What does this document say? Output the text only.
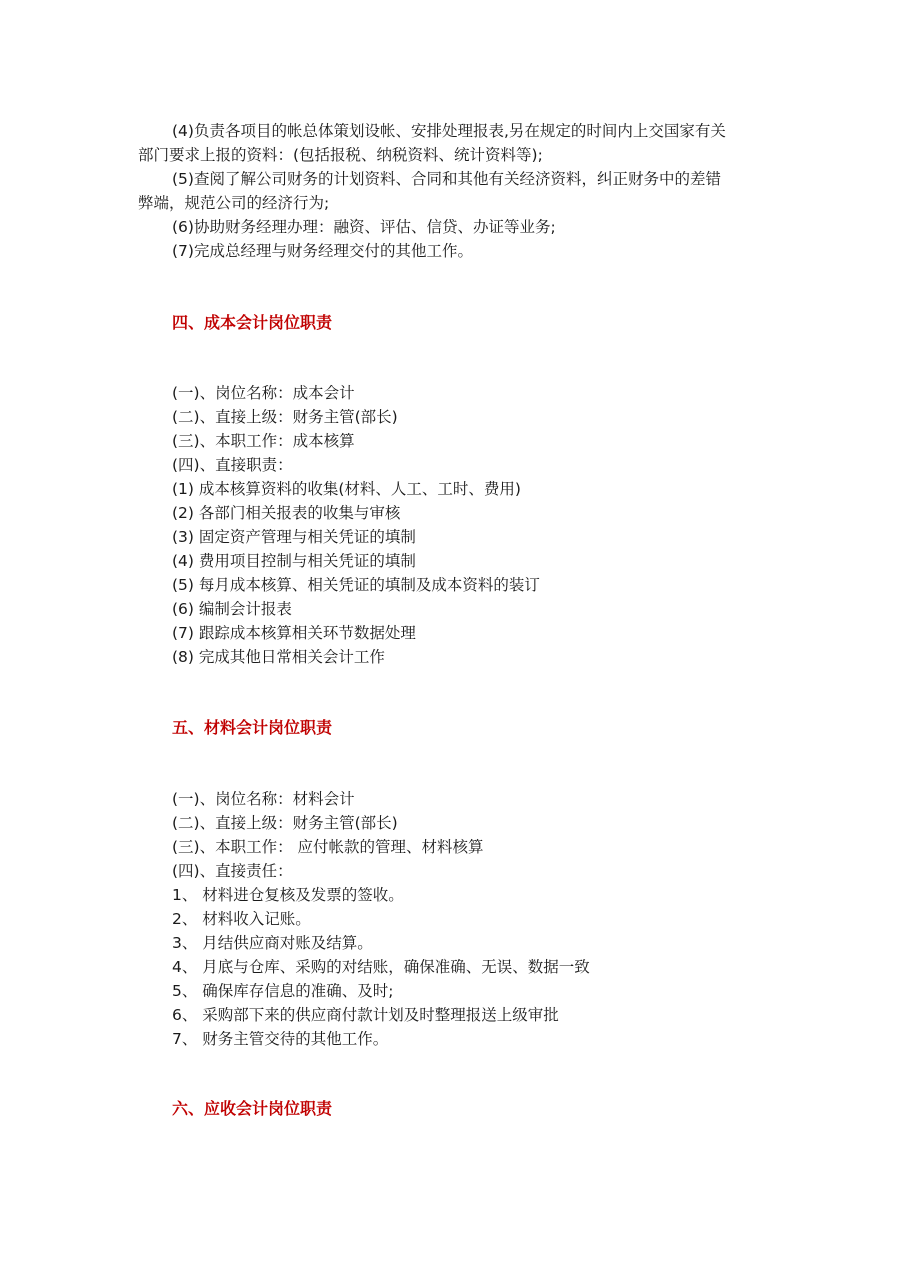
(4)负责各项目的帐总体策划设帐、安排处理报表,另在规定的时间内上交国家有关
部门要求上报的资料：(包括报税、纳税资料、统计资料等);
(5)查阅了解公司财务的计划资料、合同和其他有关经济资料，纠正财务中的差错
弊端，规范公司的经济行为;
(6)协助财务经理办理：融资、评估、信贷、办证等业务;
(7)完成总经理与财务经理交付的其他工作。
四、成本会计岗位职责
(一)、岗位名称：成本会计
(二)、直接上级：财务主管(部长)
(三)、本职工作：成本核算
(四)、直接职责：
(1) 成本核算资料的收集(材料、人工、工时、费用)
(2) 各部门相关报表的收集与审核
(3) 固定资产管理与相关凭证的填制
(4) 费用项目控制与相关凭证的填制
(5) 每月成本核算、相关凭证的填制及成本资料的装订
(6) 编制会计报表
(7) 跟踪成本核算相关环节数据处理
(8) 完成其他日常相关会计工作
五、材料会计岗位职责
(一)、岗位名称：材料会计
(二)、直接上级：财务主管(部长)
(三)、本职工作： 应付帐款的管理、材料核算
(四)、直接责任：
1、 材料进仓复核及发票的签收。
2、 材料收入记账。
3、 月结供应商对账及结算。
4、 月底与仓库、采购的对结账，确保准确、无误、数据一致
5、 确保库存信息的准确、及时;
6、 采购部下来的供应商付款计划及时整理报送上级审批
7、 财务主管交待的其他工作。
六、应收会计岗位职责
